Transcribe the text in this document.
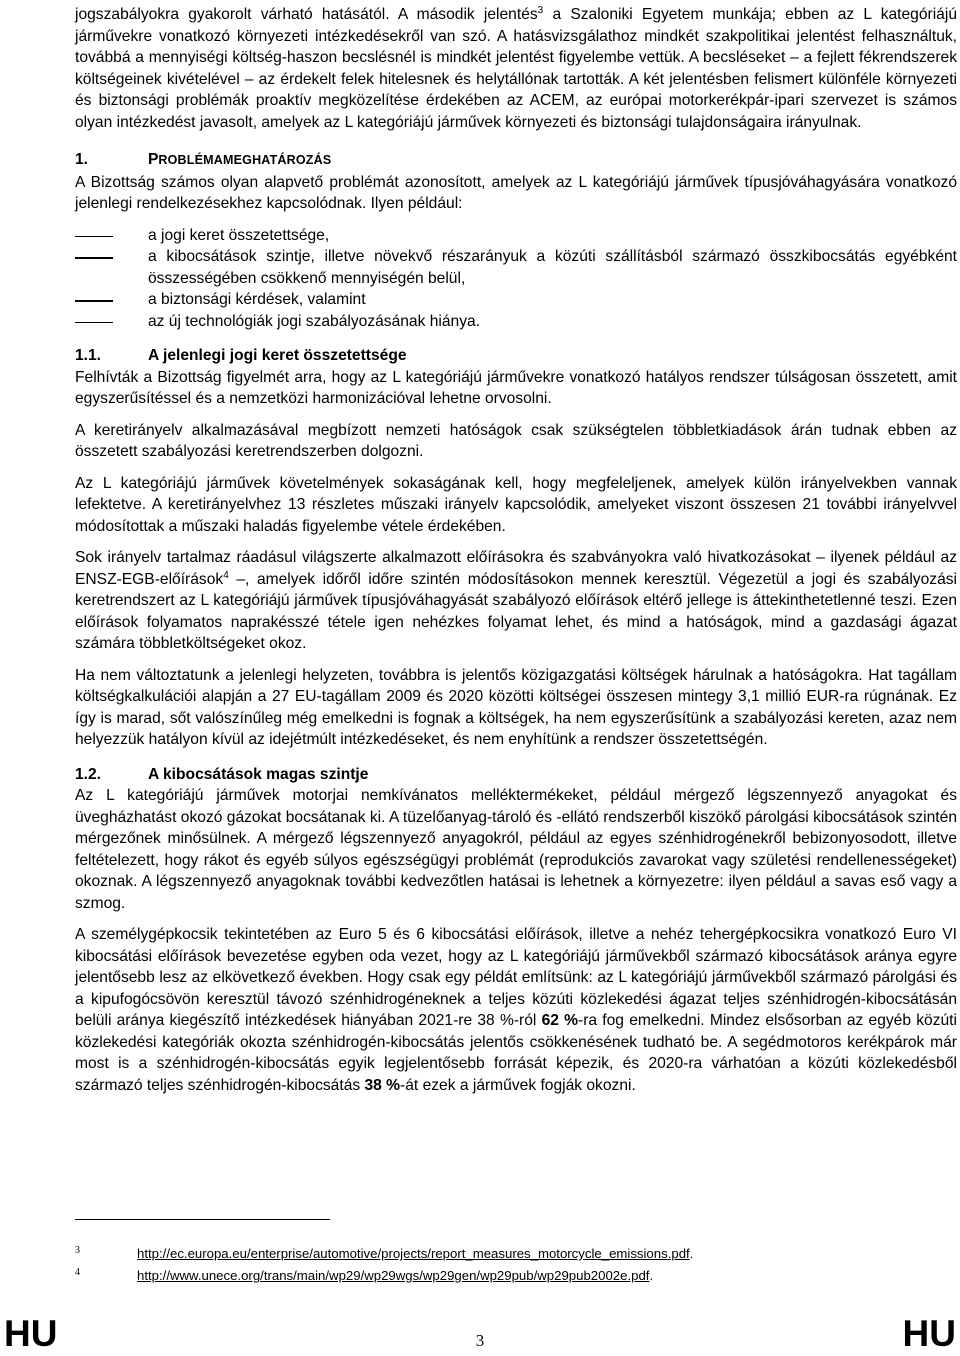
jogszabályokra gyakorolt várható hatásától. A második jelentés$^3$ a Szaloniki Egyetem munkája; ebben az L kategóriájú járművekre vonatkozó környezeti intézkedésekről van szó. A hatásvizsgálathoz mindkét szakpolitikai jelentést felhasználtuk, továbbá a mennyiségi költség-haszon becslésnél is mindkét jelentést figyelembe vettük. A becsléseket – a fejlett fékrendszerek költségeinek kivételével – az érdekelt felek hitelesnek és helytállónak tartották. A két jelentésben felismert különféle környezeti és biztonsági problémák proaktív megközelítése érdekében az ACEM, az európai motorkerékpár-ipari szervezet is számos olyan intézkedést javasolt, amelyek az L kategóriájú járművek környezeti és biztonsági tulajdonságaira irányulnak.

1.	PROBLÉMAMEGHATÁROZÁS

A Bizottság számos olyan alapvető problémát azonosított, amelyek az L kategóriájú járművek típusjóváhagyására vonatkozó jelenlegi rendelkezésekhez kapcsolódnak. Ilyen például:

a jogi keret összetettsége,
a kibocsátások szintje, illetve növekvő részarányuk a közúti szállításból származó összkibocsátás egyébként összességében csökkenő mennyiségén belül,
a biztonsági kérdések, valamint
az új technológiák jogi szabályozásának hiánya.

1.1.	A jelenlegi jogi keret összetettsége

Felhívták a Bizottság figyelmét arra, hogy az L kategóriájú járművekre vonatkozó hatályos rendszer túlságosan összetett, amit egyszerűsítéssel és a nemzetközi harmonizációval lehetne orvosolni.

A keretirányelv alkalmazásával megbízott nemzeti hatóságok csak szükségtelen többletkiadások árán tudnak ebben az összetett szabályozási keretrendszerben dolgozni.

Az L kategóriájú járművek követelmények sokaságának kell, hogy megfeleljenek, amelyek külön irányelvekben vannak lefektetve. A keretirányelvhez 13 részletes műszaki irányelv kapcsolódik, amelyeket viszont összesen 21 további irányelvvel módosítottak a műszaki haladás figyelembe vétele érdekében.

Sok irányelv tartalmaz ráadásul világszerte alkalmazott előírásokra és szabványokra való hivatkozásokat – ilyenek például az ENSZ-EGB-előírások$^4$ –, amelyek időről időre szintén módosításokon mennek keresztül. Végezetül a jogi és szabályozási keretrendszert az L kategóriájú járművek típusjóváhagyását szabályozó előírások eltérő jellege is áttekinthetetlenné teszi. Ezen előírások folyamatos naprakésszé tétele igen nehézkes folyamat lehet, és mind a hatóságok, mind a gazdasági ágazat számára többletköltségeket okoz.

Ha nem változtatunk a jelenlegi helyzeten, továbbra is jelentős közigazgatási költségek hárulnak a hatóságokra. Hat tagállam költségkalkulációi alapján a 27 EU-tagállam 2009 és 2020 közötti költségei összesen mintegy 3,1 millió EUR-ra rúgnának. Ez így is marad, sőt valószínűleg még emelkedni is fognak a költségek, ha nem egyszerűsítünk a szabályozási kereten, azaz nem helyezzük hatályon kívül az idejétmúlt intézkedéseket, és nem enyhítünk a rendszer összetettségén.

1.2.	A kibocsátások magas szintje

Az L kategóriájú járművek motorjai nemkívánatos melléktermékeket, például mérgező légszennyező anyagokat és üvegházhatást okozó gázokat bocsátanak ki. A tüzelőanyag-tároló és -ellátó rendszerből kiszökő párolgási kibocsátások szintén mérgezőnek minősülnek. A mérgező légszennyező anyagokról, például az egyes szénhidrogénekről bebizonyosodott, illetve feltételezett, hogy rákot és egyéb súlyos egészségügyi problémát (reprodukciós zavarokat vagy születési rendellenességeket) okoznak. A légszennyező anyagoknak további kedvezőtlen hatásai is lehetnek a környezetre: ilyen például a savas eső vagy a szmog.

A személygépkocsik tekintetében az Euro 5 és 6 kibocsátási előírások, illetve a nehéz tehergépkocsikra vonatkozó Euro VI kibocsátási előírások bevezetése egyben oda vezet, hogy az L kategóriájú járművekből származó kibocsátások aránya egyre jelentősebb lesz az elkövetkező években. Hogy csak egy példát említsünk: az L kategóriájú járművekből származó párolgási és a kipufogócsövön keresztül távozó szénhidrogéneknek a teljes közúti közlekedési ágazat teljes szénhidrogén-kibocsátásán belüli aránya kiegészítő intézkedések hiányában 2021-re 38 %-ról 62 %-ra fog emelkedni. Mindez elsősorban az egyéb közúti közlekedési kategóriák okozta szénhidrogén-kibocsátás jelentős csökkenésének tudható be. A segédmotoros kerékpárok már most is a szénhidrogén-kibocsátás egyik legjelentősebb forrását képezik, és 2020-ra várhatóan a közúti közlekedésből származó teljes szénhidrogén-kibocsátás 38 %-át ezek a járművek fogják okozni.

3
4
http://ec.europa.eu/enterprise/automotive/projects/report_measures_motorcycle_emissions.pdf.
http://www.unece.org/trans/main/wp29/wp29wgs/wp29gen/wp29pub/wp29pub2002e.pdf.
HU	3	HU
